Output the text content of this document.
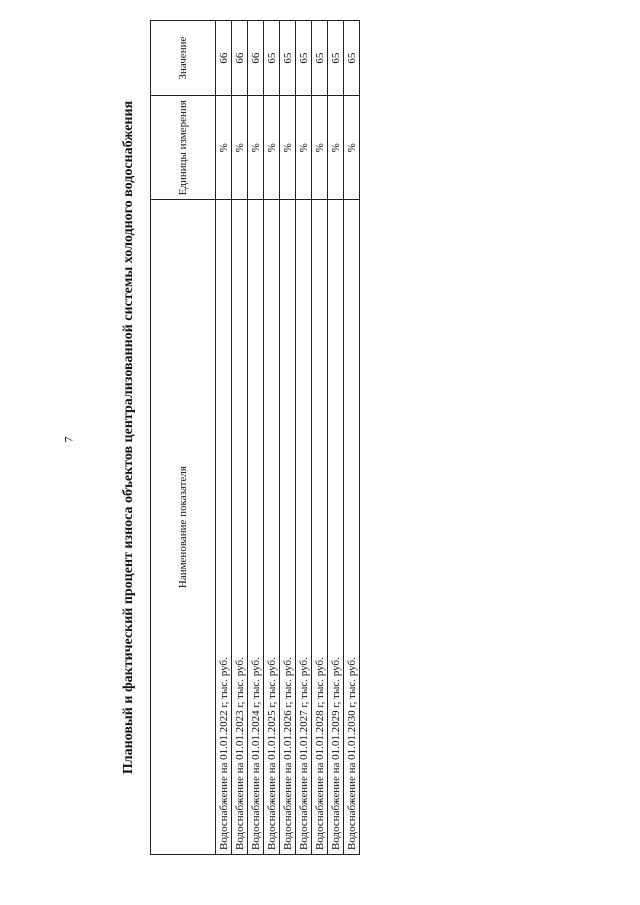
7	Плановый и фактический процент износа объектов централизованной системы холодного водоснабжения	Наименование показателя	Единицы измерения	Значение
Водоснабжение на 01.01.2022 г, тыс. руб.	%	66
Водоснабжение на 01.01.2023 г, тыс. руб.	%	66
Водоснабжение на 01.01.2024 г, тыс. руб.	%	66
Водоснабжение на 01.01.2025 г, тыс. руб.	%	65
Водоснабжение на 01.01.2026 г, тыс. руб.	%	65
Водоснабжение на 01.01.2027 г, тыс. руб.	%	65
Водоснабжение на 01.01.2028 г, тыс. руб.	%	65
Водоснабжение на 01.01.2029 г, тыс. руб.	%	65
Водоснабжение на 01.01.2030 г, тыс. руб.	%	65
